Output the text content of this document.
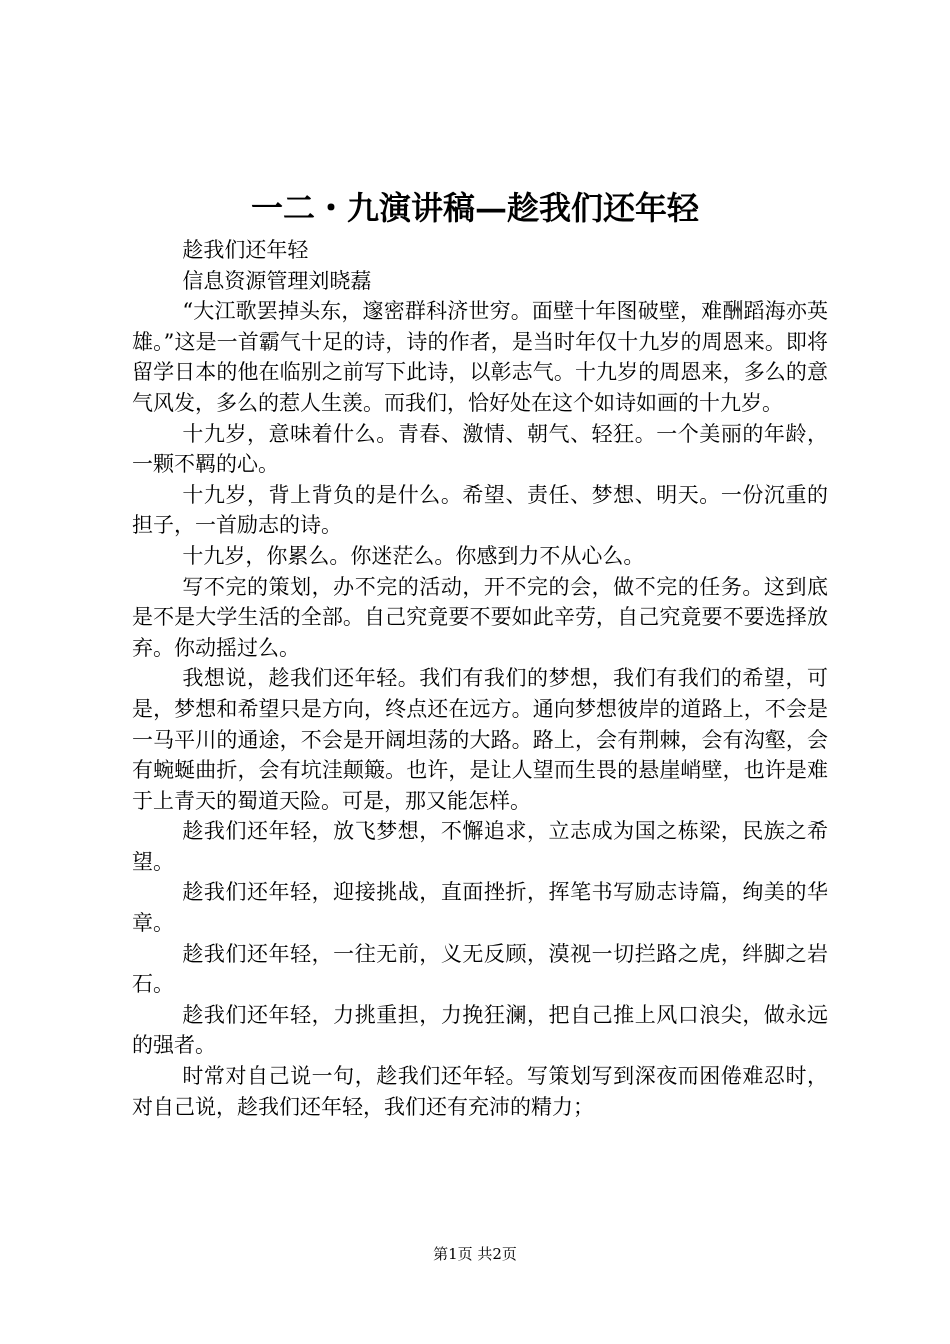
一二・九演讲稿—趁我们还年轻

趁我们还年轻

信息资源管理刘晓藞

“大江歌罢掉头东，邃密群科济世穷。面壁十年图破壁，难酬蹈海亦英雄。”这是一首霸气十足的诗，诗的作者，是当时年仅十九岁的周恩来。即将留学日本的他在临别之前写下此诗，以彰志气。十九岁的周恩来，多么的意气风发，多么的惹人生羡。而我们，恰好处在这个如诗如画的十九岁。

十九岁，意味着什么。青春、激情、朝气、轻狂。一个美丽的年龄，一颗不羁的心。

十九岁，背上背负的是什么。希望、责任、梦想、明天。一份沉重的担子，一首励志的诗。

十九岁，你累么。你迷茫么。你感到力不从心么。

写不完的策划，办不完的活动，开不完的会，做不完的任务。这到底是不是大学生活的全部。自己究竟要不要如此辛劳，自己究竟要不要选择放弃。你动摇过么。

我想说，趁我们还年轻。我们有我们的梦想，我们有我们的希望，可是，梦想和希望只是方向，终点还在远方。通向梦想彼岸的道路上，不会是一马平川的通途，不会是开阔坦荡的大路。路上，会有荆棘，会有沟壑，会有蜿蜒曲折，会有坑洼颠簸。也许，是让人望而生畏的悬崖峭壁，也许是难于上青天的蜀道天险。可是，那又能怎样。

趁我们还年轻，放飞梦想，不懈追求，立志成为国之栋梁，民族之希望。

趁我们还年轻，迎接挑战，直面挫折，挥笔书写励志诗篇，绚美的华章。

趁我们还年轻，一往无前，义无反顾，漠视一切拦路之虎，绊脚之岩石。

趁我们还年轻，力挑重担，力挽狂澜，把自己推上风口浪尖，做永远的强者。

时常对自己说一句，趁我们还年轻。写策划写到深夜而困倦难忍时，对自己说，趁我们还年轻，我们还有充沛的精力；

第1页 共2页
